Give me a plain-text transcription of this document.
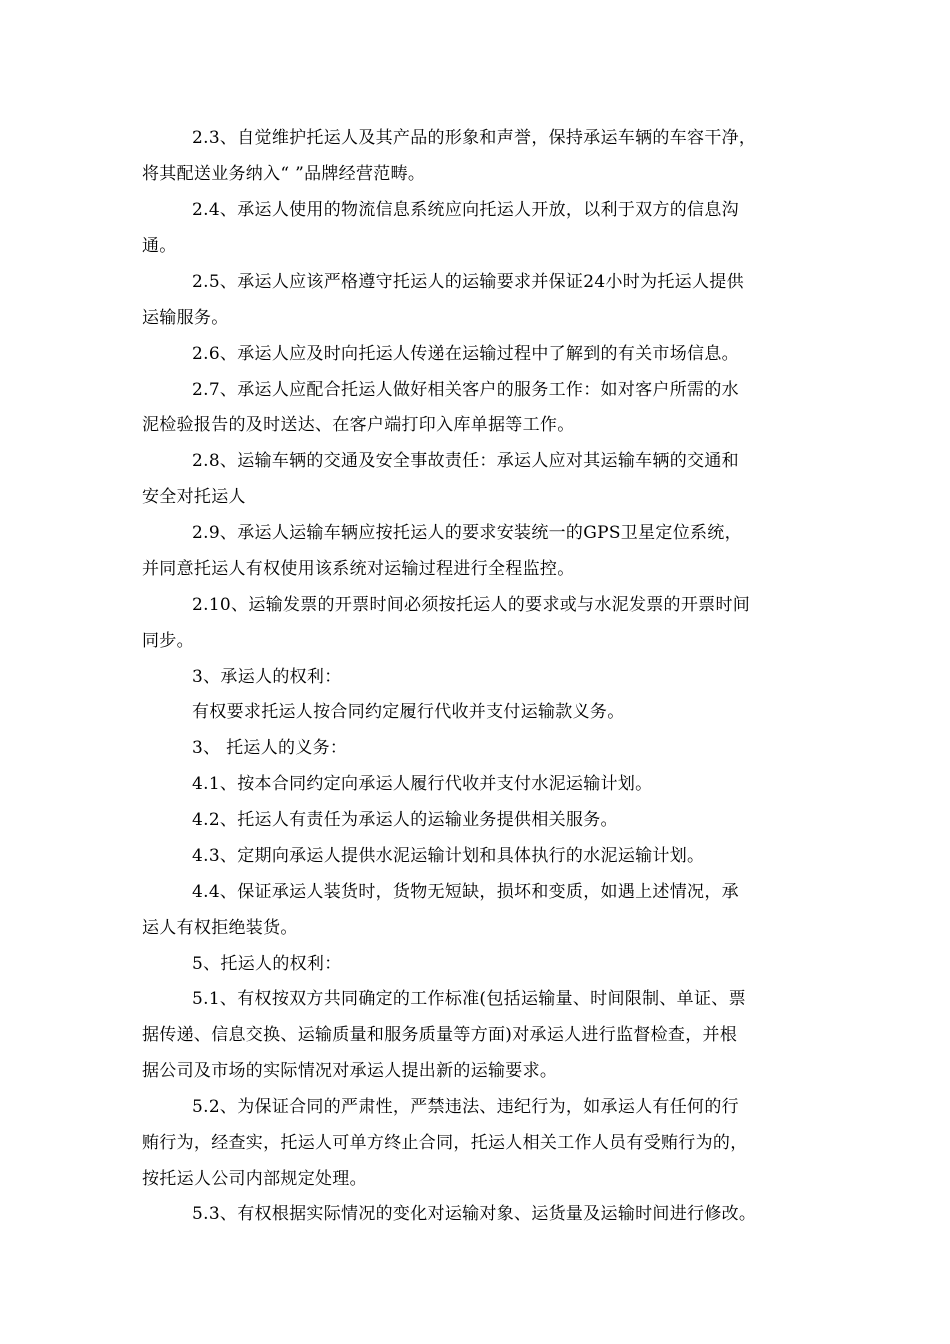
2.3、自觉维护托运人及其产品的形象和声誉，保持承运车辆的车容干净，
将其配送业务纳入“ ”品牌经营范畴。
2.4、承运人使用的物流信息系统应向托运人开放，以利于双方的信息沟
通。
2.5、承运人应该严格遵守托运人的运输要求并保证24小时为托运人提供
运输服务。
2.6、承运人应及时向托运人传递在运输过程中了解到的有关市场信息。
2.7、承运人应配合托运人做好相关客户的服务工作：如对客户所需的水
泥检验报告的及时送达、在客户端打印入库单据等工作。
2.8、运输车辆的交通及安全事故责任：承运人应对其运输车辆的交通和
安全对托运人
2.9、承运人运输车辆应按托运人的要求安装统一的GPS卫星定位系统，
并同意托运人有权使用该系统对运输过程进行全程监控。
2.10、运输发票的开票时间必须按托运人的要求或与水泥发票的开票时间
同步。
3、承运人的权利：
有权要求托运人按合同约定履行代收并支付运输款义务。
3、 托运人的义务：
4.1、按本合同约定向承运人履行代收并支付水泥运输计划。
4.2、托运人有责任为承运人的运输业务提供相关服务。
4.3、定期向承运人提供水泥运输计划和具体执行的水泥运输计划。
4.4、保证承运人装货时，货物无短缺，损坏和变质，如遇上述情况，承
运人有权拒绝装货。
5、托运人的权利：
5.1、有权按双方共同确定的工作标准(包括运输量、时间限制、单证、票
据传递、信息交换、运输质量和服务质量等方面)对承运人进行监督检查，并根
据公司及市场的实际情况对承运人提出新的运输要求。
5.2、为保证合同的严肃性，严禁违法、违纪行为，如承运人有任何的行
贿行为，经查实，托运人可单方终止合同，托运人相关工作人员有受贿行为的，
按托运人公司内部规定处理。
5.3、有权根据实际情况的变化对运输对象、运货量及运输时间进行修改。
